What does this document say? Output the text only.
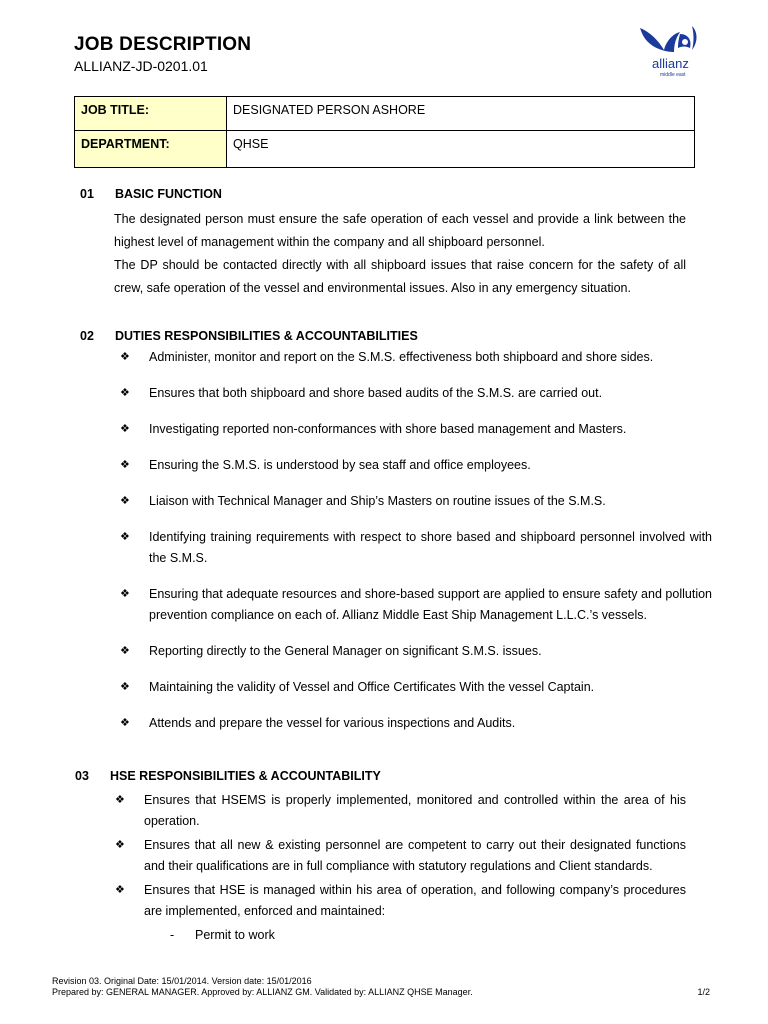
JOB DESCRIPTION
ALLIANZ-JD-0201.01	allianz
middle east
JOB TITLE:	DESIGNATED PERSON ASHORE
DEPARTMENT:	QHSE
01 BASIC FUNCTION
The designated person must ensure the safe operation of each vessel and provide a link between the highest level of management within the company and all shipboard personnel.
The DP should be contacted directly with all shipboard issues that raise concern for the safety of all crew, safe operation of the vessel and environmental issues. Also in any emergency situation.
02 DUTIES RESPONSIBILITIES & ACCOUNTABILITIES
❖ Administer, monitor and report on the S.M.S. effectiveness both shipboard and shore sides.
❖ Ensures that both shipboard and shore based audits of the S.M.S. are carried out.
❖ Investigating reported non-conformances with shore based management and Masters.
❖ Ensuring the S.M.S. is understood by sea staff and office employees.
❖ Liaison with Technical Manager and Ship’s Masters on routine issues of the S.M.S.
❖ Identifying training requirements with respect to shore based and shipboard personnel involved with the S.M.S.
❖ Ensuring that adequate resources and shore-based support are applied to ensure safety and pollution prevention compliance on each of. Allianz Middle East Ship Management L.L.C.’s vessels.
❖ Reporting directly to the General Manager on significant S.M.S. issues.
❖ Maintaining the validity of Vessel and Office Certificates With the vessel Captain.
❖ Attends and prepare the vessel for various inspections and Audits.
03 HSE RESPONSIBILITIES & ACCOUNTABILITY
❖ Ensures that HSEMS is properly implemented, monitored and controlled within the area of his operation.
❖ Ensures that all new & existing personnel are competent to carry out their designated functions and their qualifications are in full compliance with statutory regulations and Client standards.
❖ Ensures that HSE is managed within his area of operation, and following company’s procedures are implemented, enforced and maintained:
- Permit to work
Revision 03. Original Date: 15/01/2014. Version date: 15/01/2016
Prepared by: GENERAL MANAGER. Approved by: ALLIANZ GM. Validated by: ALLIANZ QHSE Manager.	1/2
